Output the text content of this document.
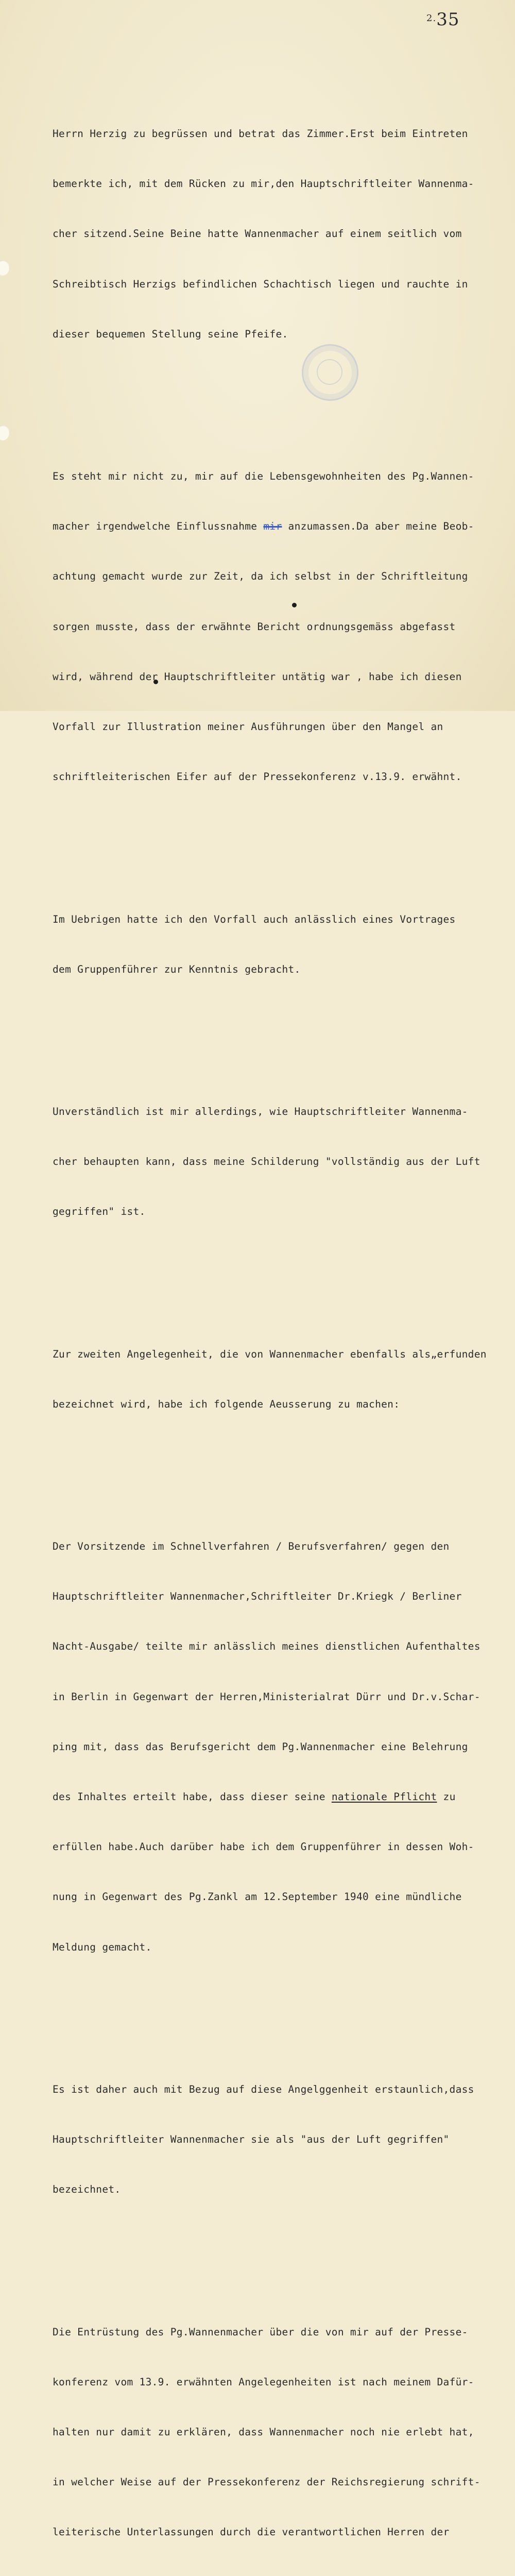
$^{2.}$35

Herrn Herzig zu begrüssen und betrat das Zimmer.Erst beim Eintreten

bemerkte ich, mit dem Rücken zu mir,den Hauptschriftleiter Wannenma-

cher sitzend.Seine Beine hatte Wannenmacher auf einem seitlich vom

Schreibtisch Herzigs befindlichen Schachtisch liegen und rauchte in

dieser bequemen Stellung seine Pfeife.

Es steht mir nicht zu, mir auf die Lebensgewohnheiten des Pg.Wannen-

macher irgendwelche Einflussnahme mir anzumassen.Da aber meine Beob-

achtung gemacht wurde zur Zeit, da ich selbst in der Schriftleitung

sorgen musste, dass der erwähnte Bericht ordnungsgemäss abgefasst

wird, während der Hauptschriftleiter untätig war , habe ich diesen

Vorfall zur Illustration meiner Ausführungen über den Mangel an

schriftleiterischen Eifer auf der Pressekonferenz v.13.9. erwähnt.

Im Uebrigen hatte ich den Vorfall auch anlässlich eines Vortrages

dem Gruppenführer zur Kenntnis gebracht.

Unverständlich ist mir allerdings, wie Hauptschriftleiter Wannenma-

cher behaupten kann, dass meine Schilderung "vollständig aus der Luft

gegriffen" ist.

Zur zweiten Angelegenheit, die von Wannenmacher ebenfalls als„erfunden

bezeichnet wird, habe ich folgende Aeusserung zu machen:

Der Vorsitzende im Schnellverfahren / Berufsverfahren/ gegen den

Hauptschriftleiter Wannenmacher,Schriftleiter Dr.Kriegk / Berliner

Nacht-Ausgabe/ teilte mir anlässlich meines dienstlichen Aufenthaltes

in Berlin in Gegenwart der Herren,Ministerialrat Dürr und Dr.v.Schar-

ping mit, dass das Berufsgericht dem Pg.Wannenmacher eine Belehrung

des Inhaltes erteilt habe, dass dieser seine nationale Pflicht zu

erfüllen habe.Auch darüber habe ich dem Gruppenführer in dessen Woh-

nung in Gegenwart des Pg.Zankl am 12.September 1940 eine mündliche

Meldung gemacht.

Es ist daher auch mit Bezug auf diese Angelggenheit erstaunlich,dass

Hauptschriftleiter Wannenmacher sie als "aus der Luft gegriffen"

bezeichnet.

Die Entrüstung des Pg.Wannenmacher über die von mir auf der Presse-

konferenz vom 13.9. erwähnten Angelegenheiten ist nach meinem Dafür-

halten nur damit zu erklären, dass Wannenmacher noch nie erlebt hat,

in welcher Weise auf der Pressekonferenz der Reichsregierung schrift-

leiterische Unterlassungen durch die verantwortlichen Herren der
